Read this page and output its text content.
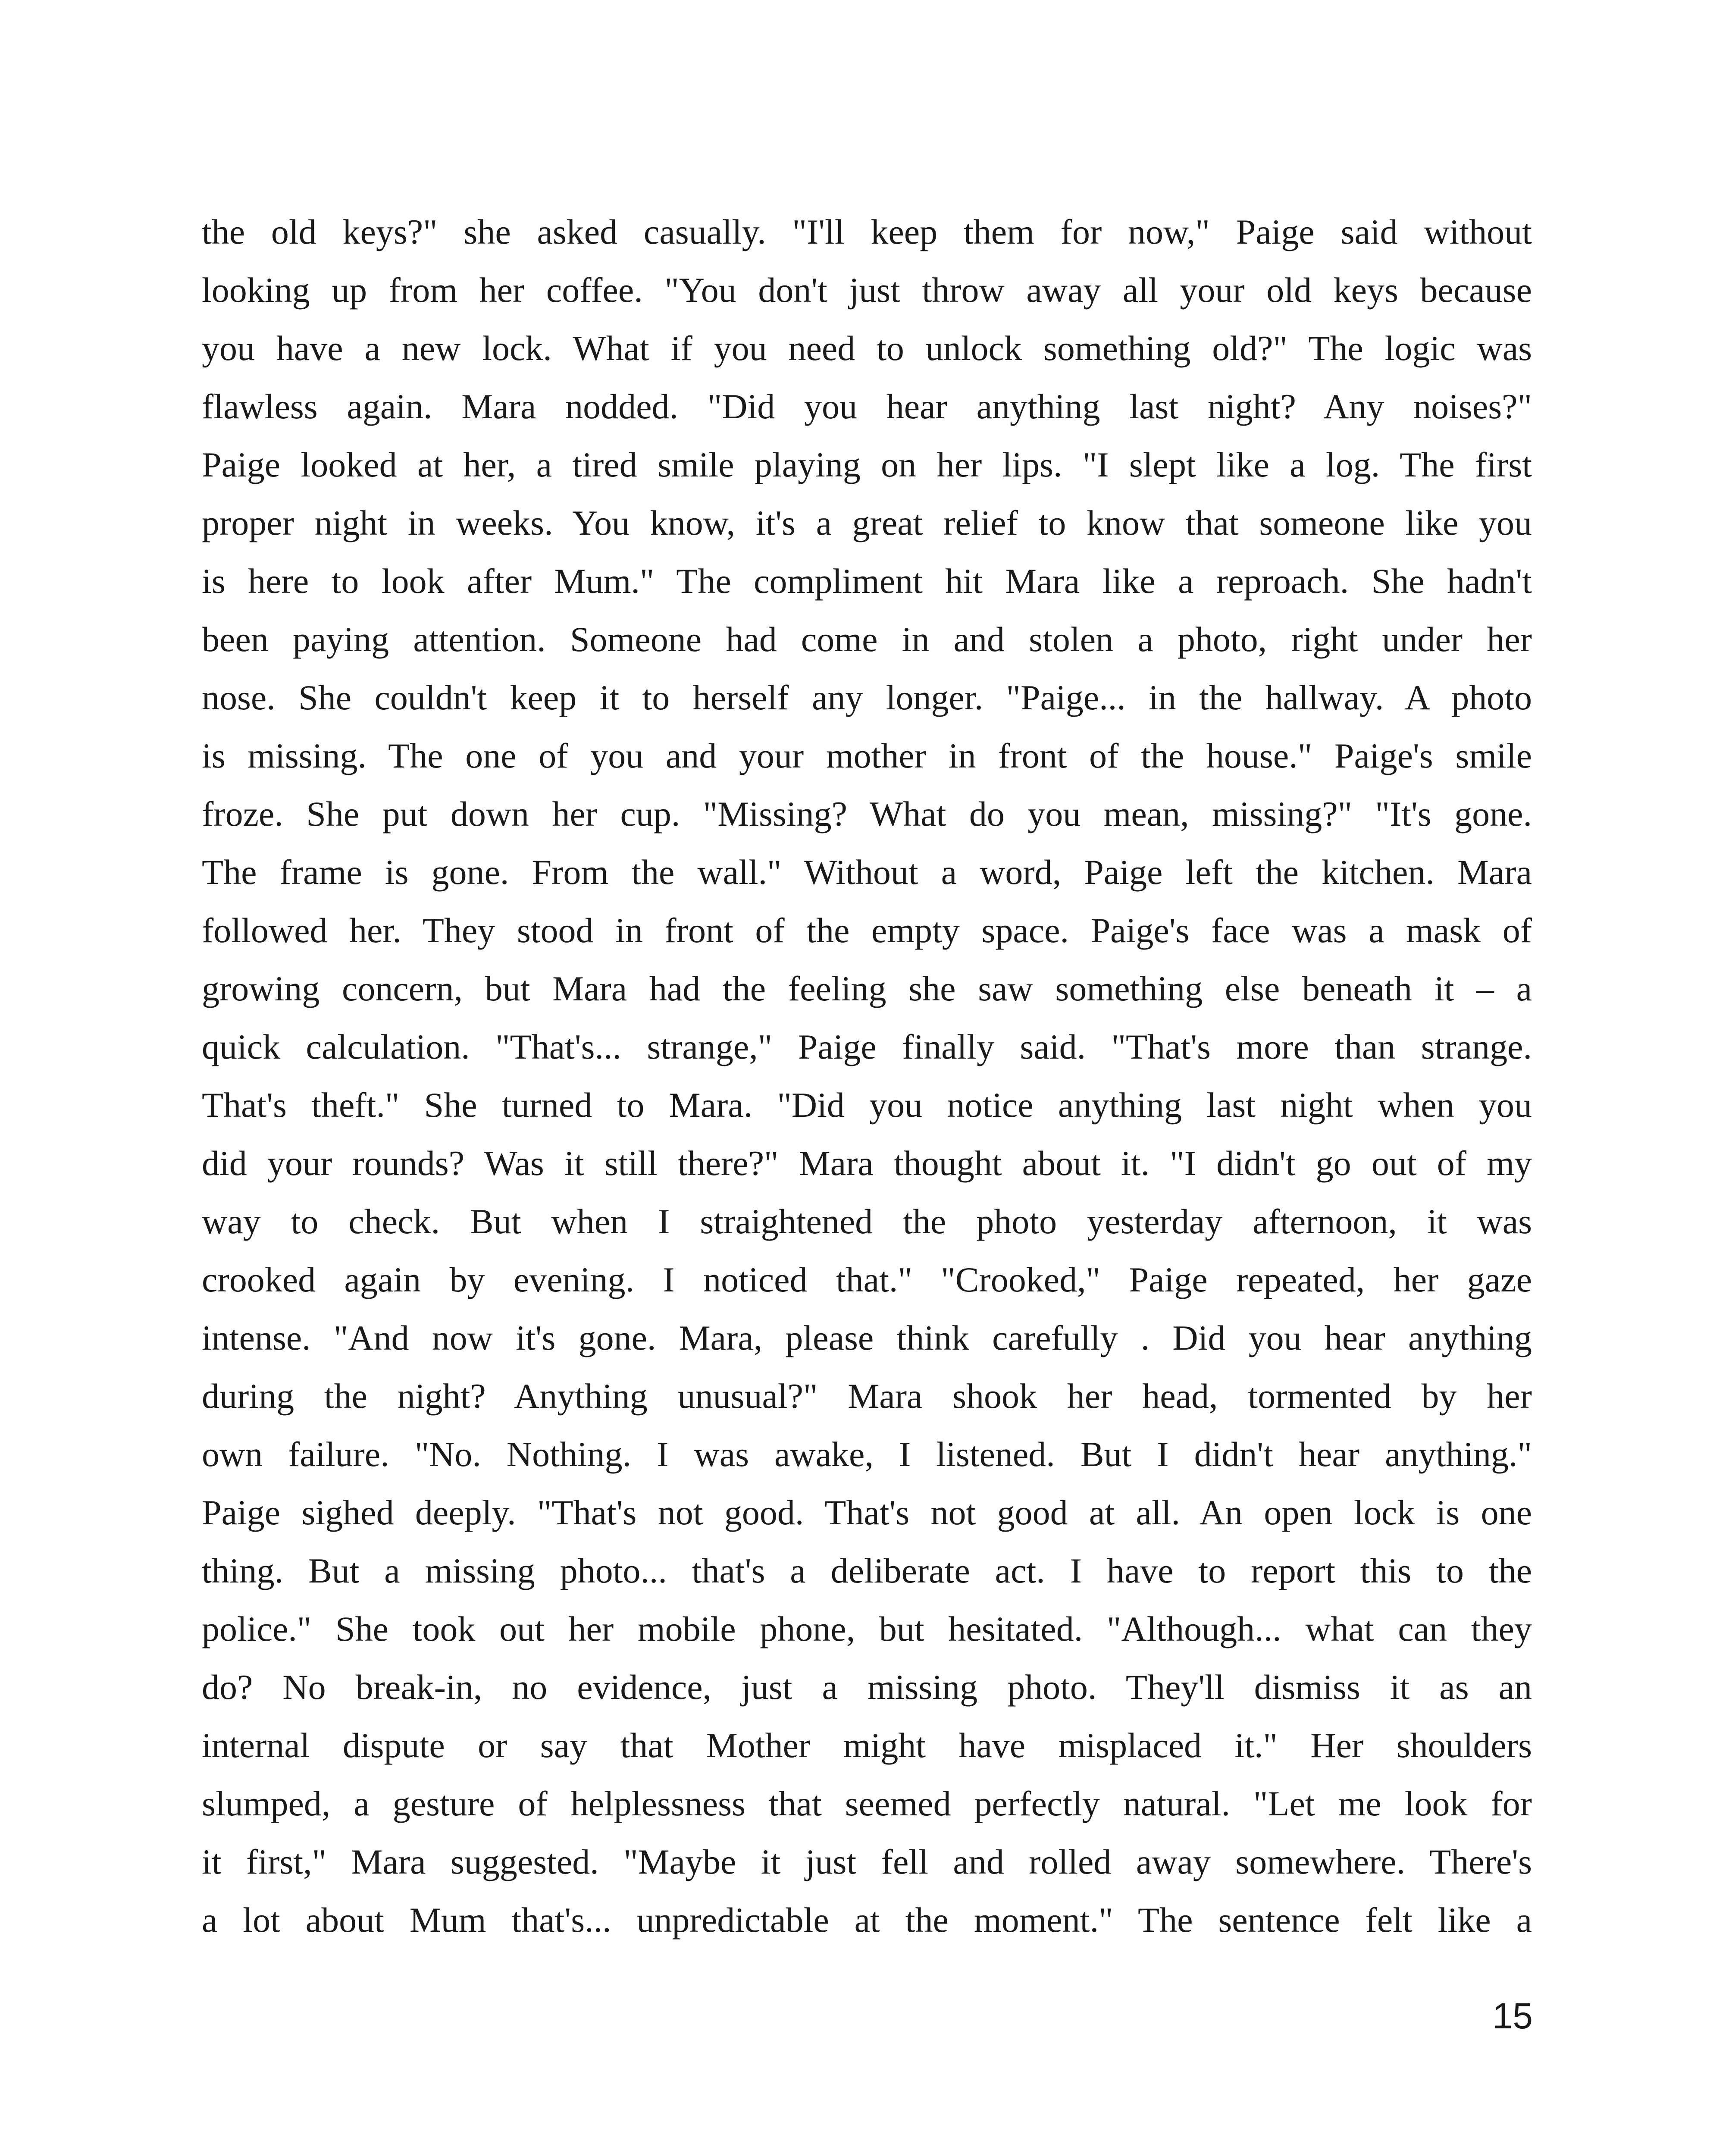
the old keys?" she asked casually. "I'll keep them for now," Paige said without
looking up from her coffee. "You don't just throw away all your old keys because
you have a new lock. What if you need to unlock something old?" The logic was
flawless again. Mara nodded. "Did you hear anything last night? Any noises?"
Paige looked at her, a tired smile playing on her lips. "I slept like a log. The first
proper night in weeks. You know, it's a great relief to know that someone like you
is here to look after Mum." The compliment hit Mara like a reproach. She hadn't
been paying attention. Someone had come in and stolen a photo, right under her
nose. She couldn't keep it to herself any longer. "Paige... in the hallway. A photo
is missing. The one of you and your mother in front of the house." Paige's smile
froze. She put down her cup. "Missing? What do you mean, missing?" "It's gone.
The frame is gone. From the wall." Without a word, Paige left the kitchen. Mara
followed her. They stood in front of the empty space. Paige's face was a mask of
growing concern, but Mara had the feeling she saw something else beneath it – a
quick calculation. "That's... strange," Paige finally said. "That's more than strange.
That's theft." She turned to Mara. "Did you notice anything last night when you
did your rounds? Was it still there?" Mara thought about it. "I didn't go out of my
way to check. But when I straightened the photo yesterday afternoon, it was
crooked again by evening. I noticed that." "Crooked," Paige repeated, her gaze
intense. "And now it's gone. Mara, please think carefully . Did you hear anything
during the night? Anything unusual?" Mara shook her head, tormented by her
own failure. "No. Nothing. I was awake, I listened. But I didn't hear anything."
Paige sighed deeply. "That's not good. That's not good at all. An open lock is one
thing. But a missing photo... that's a deliberate act. I have to report this to the
police." She took out her mobile phone, but hesitated. "Although... what can they
do? No break-in, no evidence, just a missing photo. They'll dismiss it as an
internal dispute or say that Mother might have misplaced it." Her shoulders
slumped, a gesture of helplessness that seemed perfectly natural. "Let me look for
it first," Mara suggested. "Maybe it just fell and rolled away somewhere. There's
a lot about Mum that's... unpredictable at the moment." The sentence felt like a
15
